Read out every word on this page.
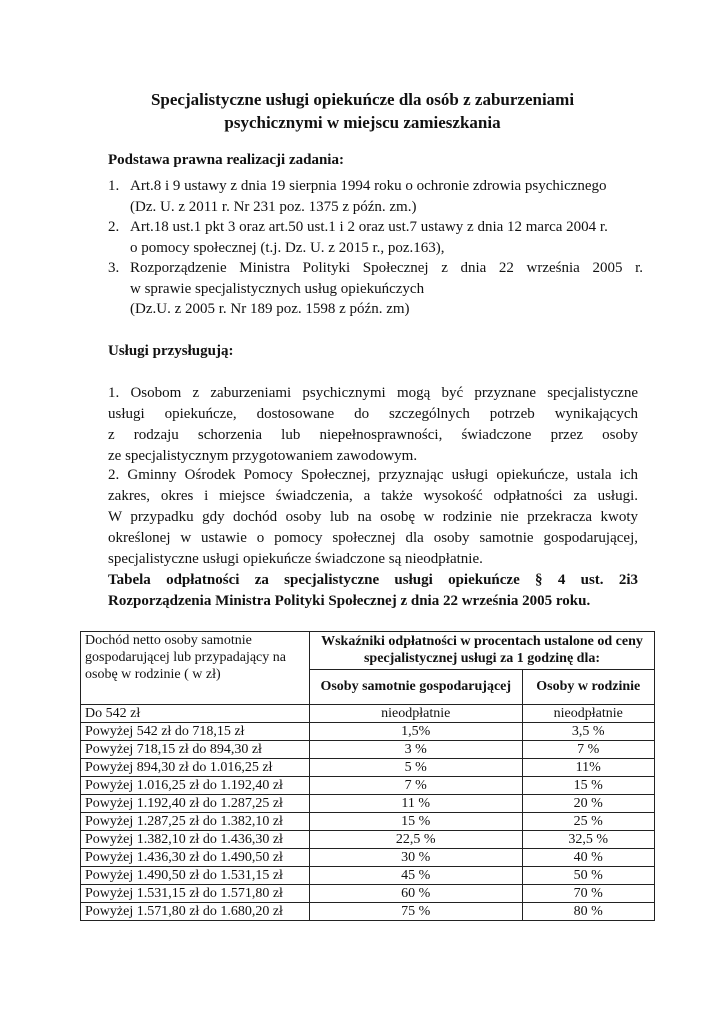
Specjalistyczne usługi opiekuńcze dla osób z zaburzeniami
psychicznymi w miejscu zamieszkania
Podstawa prawna realizacji zadania:
1. Art.8 i 9 ustawy z dnia 19 sierpnia 1994 roku o ochronie zdrowia psychicznego
(Dz. U. z 2011 r. Nr 231 poz. 1375 z późn. zm.)
2. Art.18 ust.1 pkt 3 oraz art.50 ust.1 i 2 oraz ust.7 ustawy z dnia 12 marca 2004 r.
o pomocy społecznej (t.j. Dz. U. z 2015 r., poz.163),
3. Rozporządzenie Ministra Polityki Społecznej z dnia 22 września 2005 r.
w sprawie specjalistycznych usług opiekuńczych
(Dz.U. z 2005 r. Nr 189 poz. 1598 z późn. zm)
Usługi przysługują:
1. Osobom z zaburzeniami psychicznymi mogą być przyznane specjalistyczne
usługi opiekuńcze, dostosowane do szczególnych potrzeb wynikających
z rodzaju schorzenia lub niepełnosprawności, świadczone przez osoby
ze specjalistycznym przygotowaniem zawodowym.
2. Gminny Ośrodek Pomocy Społecznej, przyznając usługi opiekuńcze, ustala ich
zakres, okres i miejsce świadczenia, a także wysokość odpłatności za usługi.
W przypadku gdy dochód osoby lub na osobę w rodzinie nie przekracza kwoty
określonej w ustawie o pomocy społecznej dla osoby samotnie gospodarującej,
specjalistyczne usługi opiekuńcze świadczone są nieodpłatnie.
Tabela odpłatności za specjalistyczne usługi opiekuńcze § 4 ust. 2i3
Rozporządzenia Ministra Polityki Społecznej z dnia 22 września 2005 roku.
Dochód netto osoby samotnie gospodarującej lub przypadający na osobę w rodzinie ( w zł)	Wskaźniki odpłatności w procentach ustalone od ceny specjalistycznej usługi za 1 godzinę dla:	
	Osoby samotnie gospodarującej	Osoby w rodzinie
Do 542 zł	nieodpłatnie	nieodpłatnie
Powyżej 542 zł do 718,15 zł	1,5%	3,5 %
Powyżej 718,15 zł do 894,30 zł	3 %	7 %
Powyżej 894,30 zł do 1.016,25 zł	5 %	11%
Powyżej 1.016,25 zł do 1.192,40 zł	7 %	15 %
Powyżej 1.192,40 zł do 1.287,25 zł	11 %	20 %
Powyżej 1.287,25 zł do 1.382,10 zł	15 %	25 %
Powyżej 1.382,10 zł do 1.436,30 zł	22,5 %	32,5 %
Powyżej 1.436,30 zł do 1.490,50 zł	30 %	40 %
Powyżej 1.490,50 zł do 1.531,15 zł	45 %	50 %
Powyżej 1.531,15 zł do 1.571,80 zł	60 %	70 %
Powyżej 1.571,80 zł do 1.680,20 zł	75 %	80 %
